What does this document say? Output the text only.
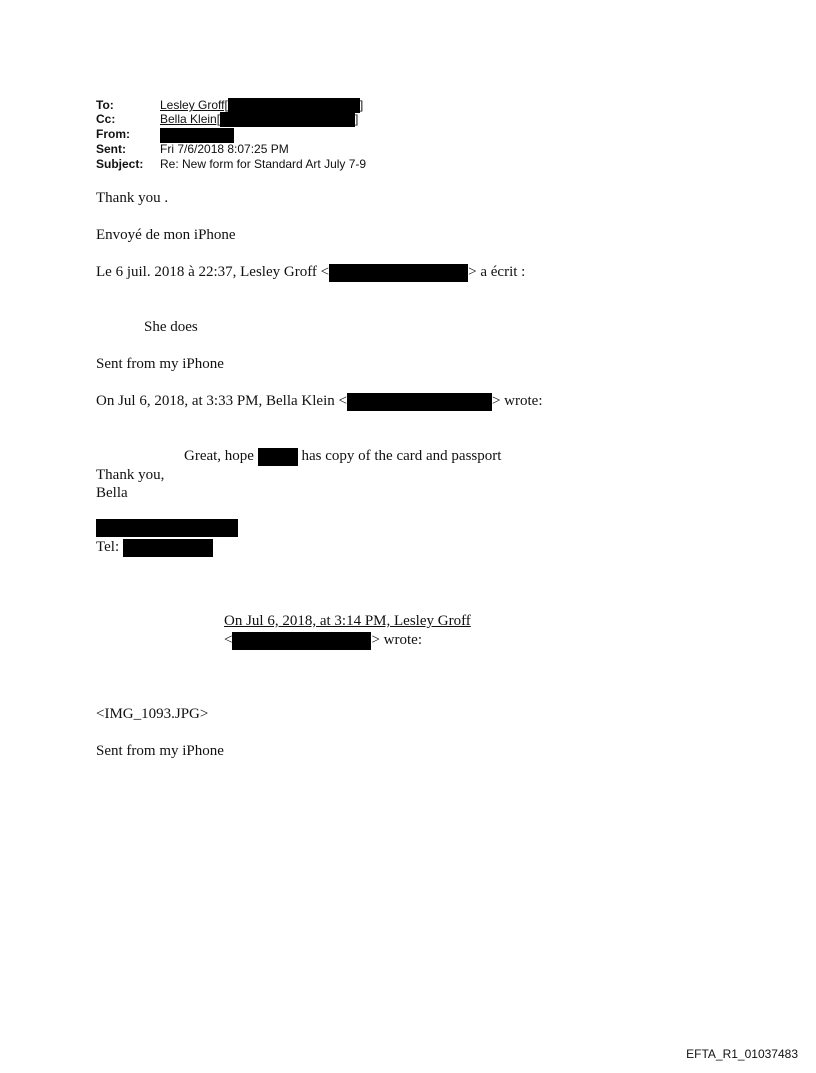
To:	Lesley Groff[	]
Cc:	Bella Klein[	]
From:
Sent:	Fri 7/6/2018 8:07:25 PM
Subject: Re: New form for Standard Art July 7-9
Thank you .
Envoyé de mon iPhone
Le 6 juil. 2018 à 22:37, Lesley Groff <	> a écrit :
She does
Sent from my iPhone
On Jul 6, 2018, at 3:33 PM, Bella Klein <	> wrote:
Great, hope	has copy of the card and passport
Thank you,
Bella
Tel:
On Jul 6, 2018, at 3:14 PM, Lesley Groff
<	> wrote:
<IMG_1093.JPG>
Sent from my iPhone
EFTA_R1_01037483
